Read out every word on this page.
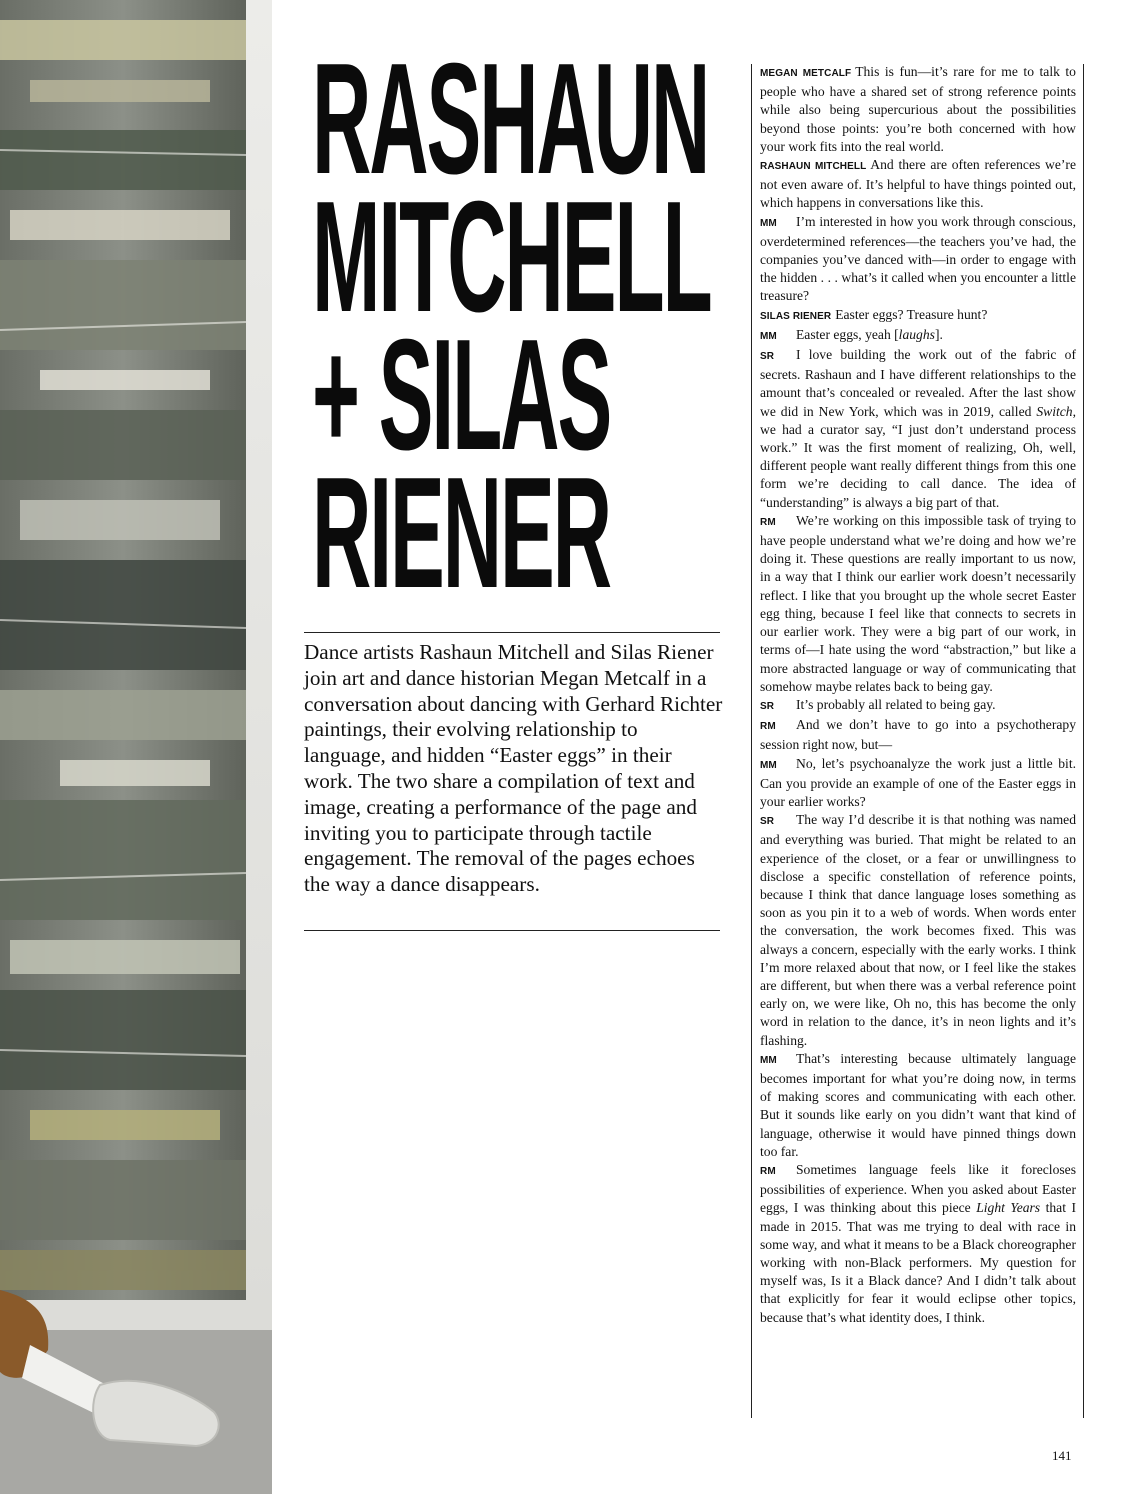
RASHAUN
MITCHELL
+ SILAS
RIENER
Dance artists Rashaun Mitchell and Silas Riener join art and dance historian Megan Metcalf in a conversation about dancing with Gerhard Richter paintings, their evolving relationship to language, and hidden “Easter eggs” in their work. The two share a compilation of text and image, creating a performance of the page and inviting you to participate through tactile engagement. The removal of the pages echoes the way a dance disappears.

MEGAN METCALF This is fun—it’s rare for me to talk to people who have a shared set of strong reference points while also being supercurious about the possibilities beyond those points: you’re both concerned with how your work fits into the real world.

RASHAUN MITCHELL And there are often references we’re not even aware of. It’s helpful to have things pointed out, which happens in conversations like this.

MM I’m interested in how you work through conscious, overdetermined references—the teachers you’ve had, the companies you’ve danced with—in order to engage with the hidden . . . what’s it called when you encounter a little treasure?

SILAS RIENER Easter eggs? Treasure hunt?

MM Easter eggs, yeah [laughs].

SR I love building the work out of the fabric of secrets. Rashaun and I have different relationships to the amount that’s concealed or revealed. After the last show we did in New York, which was in 2019, called Switch, we had a curator say, “I just don’t understand process work.” It was the first moment of realizing, Oh, well, different people want really different things from this one form we’re deciding to call dance. The idea of “understanding” is always a big part of that.

RM We’re working on this impossible task of trying to have people understand what we’re doing and how we’re doing it. These questions are really important to us now, in a way that I think our earlier work doesn’t necessarily reflect. I like that you brought up the whole secret Easter egg thing, because I feel like that connects to secrets in our earlier work. They were a big part of our work, in terms of—I hate using the word “abstraction,” but like a more abstracted language or way of communicating that somehow maybe relates back to being gay.

SR It’s probably all related to being gay.

RM And we don’t have to go into a psychotherapy session right now, but—

MM No, let’s psychoanalyze the work just a little bit. Can you provide an example of one of the Easter eggs in your earlier works?

SR The way I’d describe it is that nothing was named and everything was buried. That might be related to an experience of the closet, or a fear or unwillingness to disclose a specific constellation of reference points, because I think that dance language loses something as soon as you pin it to a web of words. When words enter the conversation, the work becomes fixed. This was always a concern, especially with the early works. I think I’m more relaxed about that now, or I feel like the stakes are different, but when there was a verbal reference point early on, we were like, Oh no, this has become the only word in relation to the dance, it’s in neon lights and it’s flashing.

MM That’s interesting because ultimately language becomes important for what you’re doing now, in terms of making scores and communicating with each other. But it sounds like early on you didn’t want that kind of language, otherwise it would have pinned things down too far.

RM Sometimes language feels like it forecloses possibilities of experience. When you asked about Easter eggs, I was thinking about this piece Light Years that I made in 2015. That was me trying to deal with race in some way, and what it means to be a Black choreographer working with non-Black performers. My question for myself was, Is it a Black dance? And I didn’t talk about that explicitly for fear it would eclipse other topics, because that’s what identity does, I think.

141
